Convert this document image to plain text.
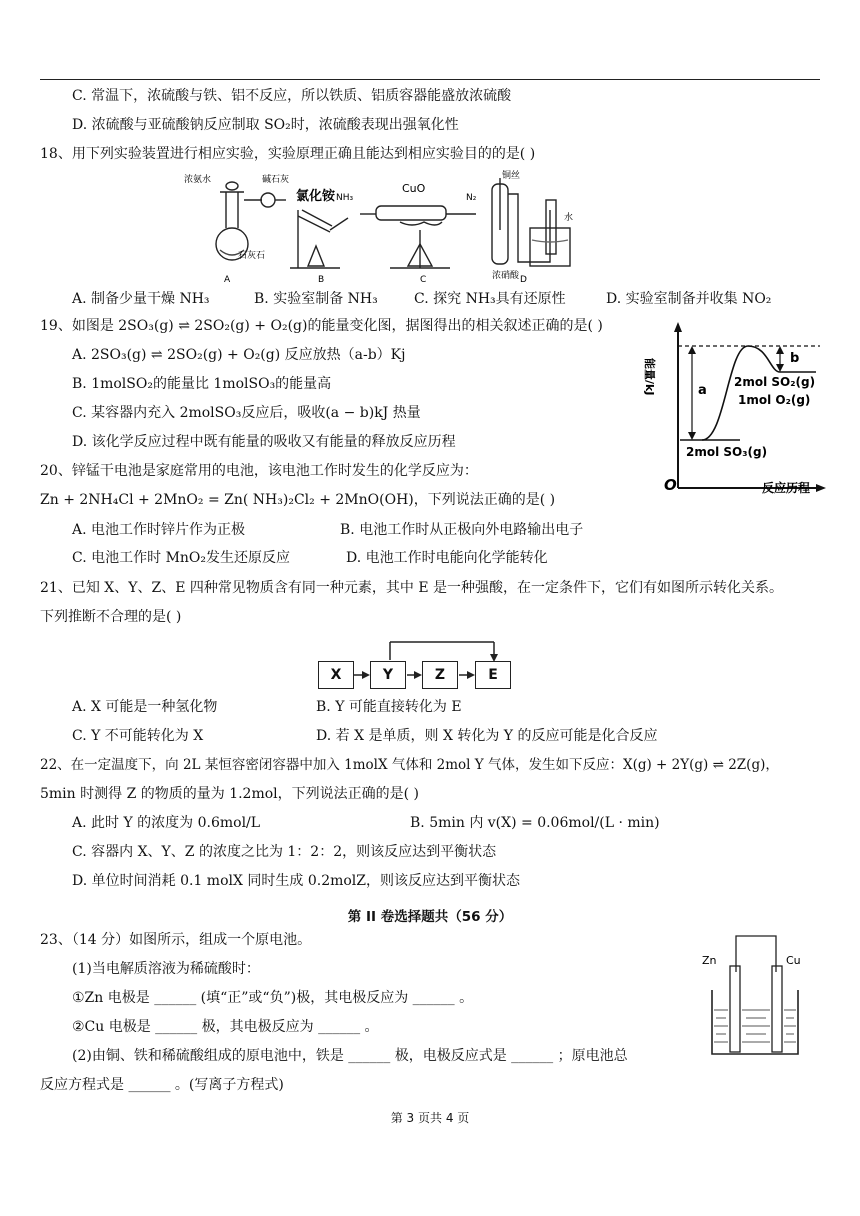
C. 常温下，浓硫酸与铁、铝不反应，所以铁质、铝质容器能盛放浓硫酸
D. 浓硫酸与亚硫酸钠反应制取 SO₂时，浓硫酸表现出强氧化性
18、用下列实验装置进行相应实验，实验原理正确且能达到相应实验目的的是( )
浓氨水	碱石灰
石灰石
A
氯化铵
B
NH₃
CuO
N₂
C
铜丝
浓硝酸
水
D
A. 制备少量干燥 NH₃	B. 实验室制备 NH₃	C. 探究 NH₃具有还原性	D. 实验室制备并收集 NO₂
19、如图是 2SO₃(g) ⇌ 2SO₂(g) + O₂(g)的能量变化图，据图得出的相关叙述正确的是( )
A. 2SO₃(g) ⇌ 2SO₂(g) + O₂(g) 反应放热（a-b）Kj
B. 1molSO₂的能量比 1molSO₃的能量高
C. 某容器内充入 2molSO₃反应后，吸收(a − b)kJ 热量
D. 该化学反应过程中既有能量的吸收又有能量的释放反应历程
能量/kJ
O	反应历程
a
b
2mol SO₂(g)
1mol O₂(g)
2mol SO₃(g)
20、锌锰干电池是家庭常用的电池，该电池工作时发生的化学反应为：
Zn + 2NH₄Cl + 2MnO₂ = Zn( NH₃)₂Cl₂ + 2MnO(OH)，下列说法正确的是( )
A. 电池工作时锌片作为正极	B. 电池工作时从正极向外电路输出电子
C. 电池工作时 MnO₂发生还原反应	D. 电池工作时电能向化学能转化
21、已知 X、Y、Z、E 四种常见物质含有同一种元素，其中 E 是一种强酸，在一定条件下，它们有如图所示转化关系。
下列推断不合理的是( )
X	Y	Z	E
A. X 可能是一种氢化物	B. Y 可能直接转化为 E
C. Y 不可能转化为 X	D. 若 X 是单质，则 X 转化为 Y 的反应可能是化合反应
22、在一定温度下，向 2L 某恒容密闭容器中加入 1molX 气体和 2mol Y 气体，发生如下反应：X(g) + 2Y(g) ⇌ 2Z(g)，
5min 时测得 Z 的物质的量为 1.2mol，下列说法正确的是( )
A. 此时 Y 的浓度为 0.6mol/L	B. 5min 内 v(X) = 0.06mol/(L · min)
C. 容器内 X、Y、Z 的浓度之比为 1：2：2，则该反应达到平衡状态
D. 单位时间消耗 0.1 molX 同时生成 0.2molZ，则该反应达到平衡状态
第 II 卷选择题共（56 分）
23、（14 分）如图所示，组成一个原电池。
(1)当电解质溶液为稀硫酸时：
①Zn 电极是 ______ (填“正”或“负”)极，其电极反应为 ______ 。
②Cu 电极是 ______ 极，其电极反应为 ______ 。
(2)由铜、铁和稀硫酸组成的原电池中，铁是 ______ 极，电极反应式是 ______ ；原电池总
反应方程式是 ______ 。(写离子方程式)
Zn	Cu
第 3 页共 4 页
